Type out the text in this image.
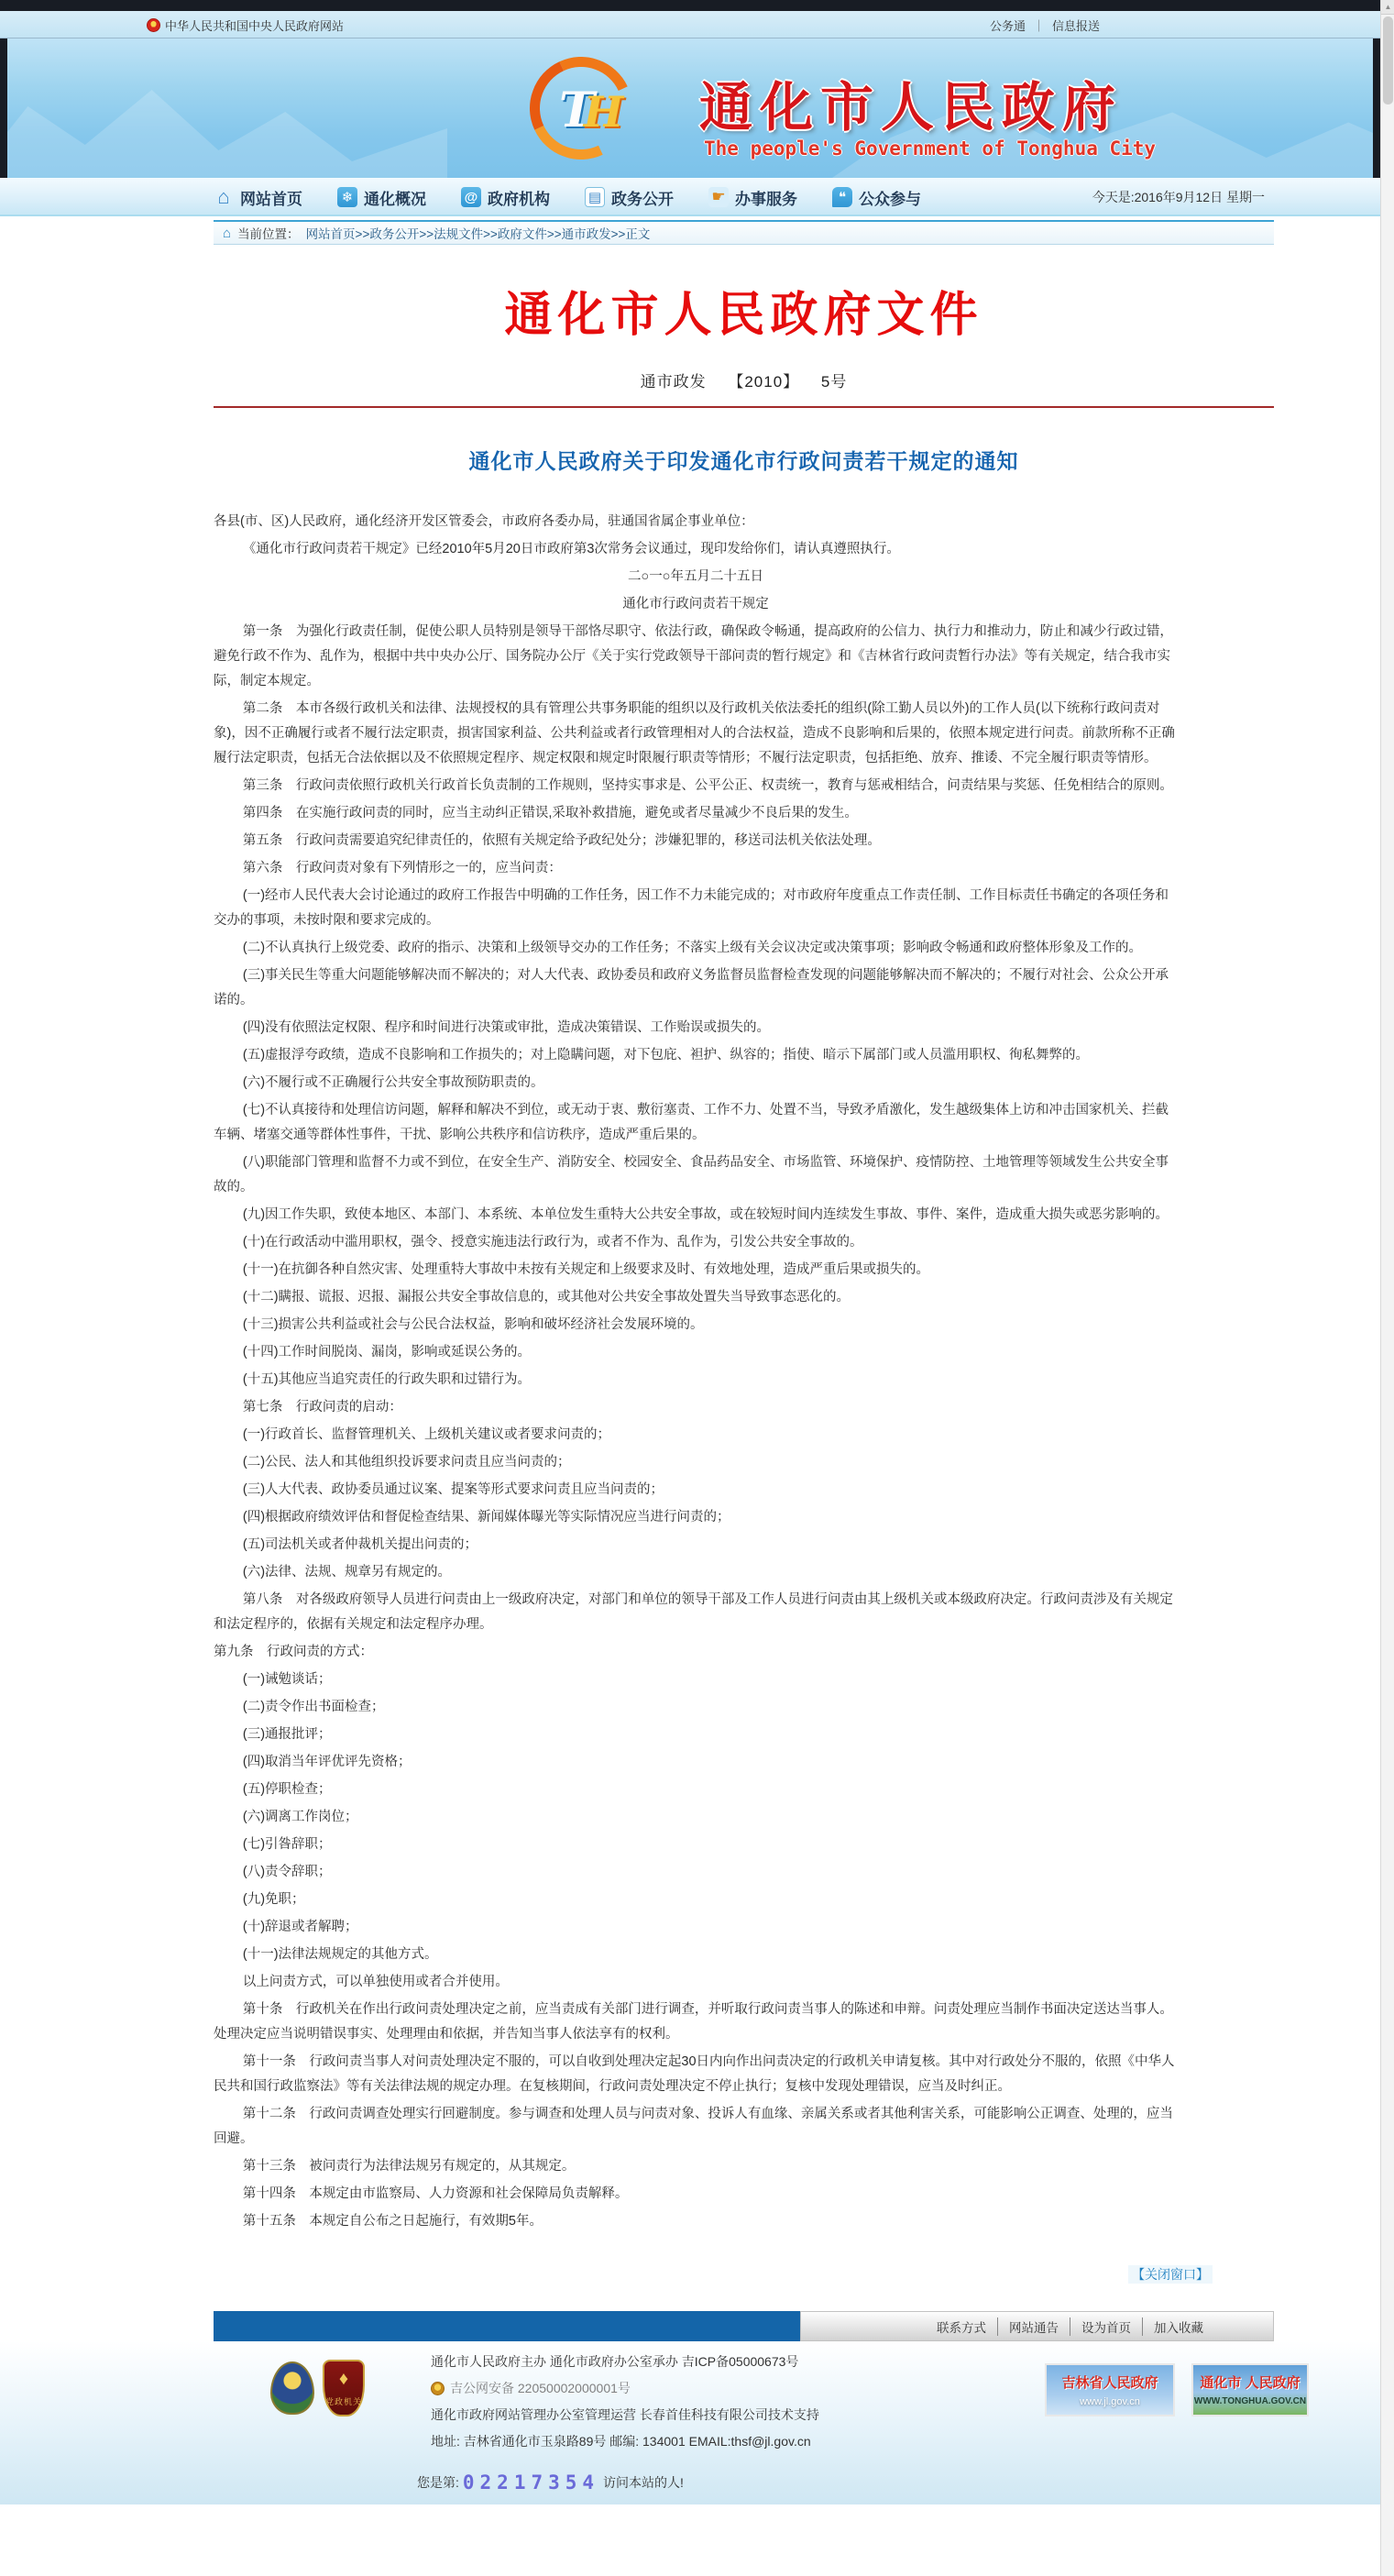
★ 中华人民共和国中央人民政府网站	公务通 ｜ 信息报送
TH 通化市人民政府
The people's Government of Tonghua City
⌂ 网站首页	❄ 通化概况	@ 政府机构	▤ 政务公开 ☛ 办事服务	❝ 公众参与	今天是:2016年9月12日 星期一
⌂ 当前位置： 网站首页>>政务公开>>法规文件>>政府文件>>通市政发>>正文
通化市人民政府文件
通市政发　 【2010】 　5号
通化市人民政府关于印发通化市行政问责若干规定的通知

各县(市、区)人民政府，通化经济开发区管委会，市政府各委办局，驻通国省属企事业单位：

《通化市行政问责若干规定》已经2010年5月20日市政府第3次常务会议通过，现印发给你们，请认真遵照执行。

二○一○年五月二十五日

通化市行政问责若干规定

第一条　为强化行政责任制，促使公职人员特别是领导干部恪尽职守、依法行政，确保政令畅通，提高政府的公信力、执行力和推动力，防止和减少行政过错，避免行政不作为、乱作为，根据中共中央办公厅、国务院办公厅《关于实行党政领导干部问责的暂行规定》和《吉林省行政问责暂行办法》等有关规定，结合我市实际，制定本规定。

第二条　本市各级行政机关和法律、法规授权的具有管理公共事务职能的组织以及行政机关依法委托的组织(除工勤人员以外)的工作人员(以下统称行政问责对象)，因不正确履行或者不履行法定职责，损害国家利益、公共利益或者行政管理相对人的合法权益，造成不良影响和后果的，依照本规定进行问责。前款所称不正确履行法定职责，包括无合法依据以及不依照规定程序、规定权限和规定时限履行职责等情形；不履行法定职责，包括拒绝、放弃、推诿、不完全履行职责等情形。

第三条　行政问责依照行政机关行政首长负责制的工作规则，坚持实事求是、公平公正、权责统一，教育与惩戒相结合，问责结果与奖惩、任免相结合的原则。

第四条　在实施行政问责的同时，应当主动纠正错误,采取补救措施，避免或者尽量减少不良后果的发生。

第五条　行政问责需要追究纪律责任的，依照有关规定给予政纪处分；涉嫌犯罪的，移送司法机关依法处理。

第六条　行政问责对象有下列情形之一的，应当问责：

(一)经市人民代表大会讨论通过的政府工作报告中明确的工作任务，因工作不力未能完成的；对市政府年度重点工作责任制、工作目标责任书确定的各项任务和交办的事项，未按时限和要求完成的。

(二)不认真执行上级党委、政府的指示、决策和上级领导交办的工作任务；不落实上级有关会议决定或决策事项；影响政令畅通和政府整体形象及工作的。

(三)事关民生等重大问题能够解决而不解决的；对人大代表、政协委员和政府义务监督员监督检查发现的问题能够解决而不解决的；不履行对社会、公众公开承诺的。

(四)没有依照法定权限、程序和时间进行决策或审批，造成决策错误、工作贻误或损失的。

(五)虚报浮夸政绩，造成不良影响和工作损失的；对上隐瞒问题，对下包庇、袒护、纵容的；指使、暗示下属部门或人员滥用职权、徇私舞弊的。

(六)不履行或不正确履行公共安全事故预防职责的。

(七)不认真接待和处理信访问题，解释和解决不到位，或无动于衷、敷衍塞责、工作不力、处置不当，导致矛盾激化，发生越级集体上访和冲击国家机关、拦截车辆、堵塞交通等群体性事件，干扰、影响公共秩序和信访秩序，造成严重后果的。

(八)职能部门管理和监督不力或不到位，在安全生产、消防安全、校园安全、食品药品安全、市场监管、环境保护、疫情防控、土地管理等领域发生公共安全事故的。

(九)因工作失职，致使本地区、本部门、本系统、本单位发生重特大公共安全事故，或在较短时间内连续发生事故、事件、案件，造成重大损失或恶劣影响的。

(十)在行政活动中滥用职权，强令、授意实施违法行政行为，或者不作为、乱作为，引发公共安全事故的。

(十一)在抗御各种自然灾害、处理重特大事故中未按有关规定和上级要求及时、有效地处理，造成严重后果或损失的。

(十二)瞒报、谎报、迟报、漏报公共安全事故信息的，或其他对公共安全事故处置失当导致事态恶化的。

(十三)损害公共利益或社会与公民合法权益，影响和破坏经济社会发展环境的。

(十四)工作时间脱岗、漏岗，影响或延误公务的。

(十五)其他应当追究责任的行政失职和过错行为。

第七条　行政问责的启动：

(一)行政首长、监督管理机关、上级机关建议或者要求问责的；

(二)公民、法人和其他组织投诉要求问责且应当问责的；

(三)人大代表、政协委员通过议案、提案等形式要求问责且应当问责的；

(四)根据政府绩效评估和督促检查结果、新闻媒体曝光等实际情况应当进行问责的；

(五)司法机关或者仲裁机关提出问责的；

(六)法律、法规、规章另有规定的。

第八条　对各级政府领导人员进行问责由上一级政府决定，对部门和单位的领导干部及工作人员进行问责由其上级机关或本级政府决定。行政问责涉及有关规定和法定程序的，依据有关规定和法定程序办理。

第九条　行政问责的方式：

(一)诫勉谈话；

(二)责令作出书面检查；

(三)通报批评；

(四)取消当年评优评先资格；

(五)停职检查；

(六)调离工作岗位；

(七)引咎辞职；

(八)责令辞职；

(九)免职；

(十)辞退或者解聘；

(十一)法律法规规定的其他方式。

以上问责方式，可以单独使用或者合并使用。

第十条　行政机关在作出行政问责处理决定之前，应当责成有关部门进行调查，并听取行政问责当事人的陈述和申辩。问责处理应当制作书面决定送达当事人。处理决定应当说明错误事实、处理理由和依据，并告知当事人依法享有的权利。

第十一条　行政问责当事人对问责处理决定不服的，可以自收到处理决定起30日内向作出问责决定的行政机关申请复核。其中对行政处分不服的，依照《中华人民共和国行政监察法》等有关法律法规的规定办理。在复核期间，行政问责处理决定不停止执行；复核中发现处理错误，应当及时纠正。

第十二条　行政问责调查处理实行回避制度。参与调查和处理人员与问责对象、投诉人有血缘、亲属关系或者其他利害关系，可能影响公正调查、处理的，应当回避。

第十三条　被问责行为法律法规另有规定的，从其规定。

第十四条　本规定由市监察局、人力资源和社会保障局负责解释。

第十五条　本规定自公布之日起施行，有效期5年。

【关闭窗口】
联系方式	网站通告	设为首页	加入收藏
♦
党政机关
通化市人民政府主办 通化市政府办公室承办 吉ICP备05000673号
吉公网安备 22050002000001号
通化市政府网站管理办公室管理运营 长春首佳科技有限公司技术支持
地址: 吉林省通化市玉泉路89号 邮编: 134001 EMAIL:thsf@jl.gov.cn
您是第: 02217354 访问本站的人!
吉林省人民政府
www.jl.gov.cn
通化市 人民政府
WWW.TONGHUA.GOV.CN
▲
